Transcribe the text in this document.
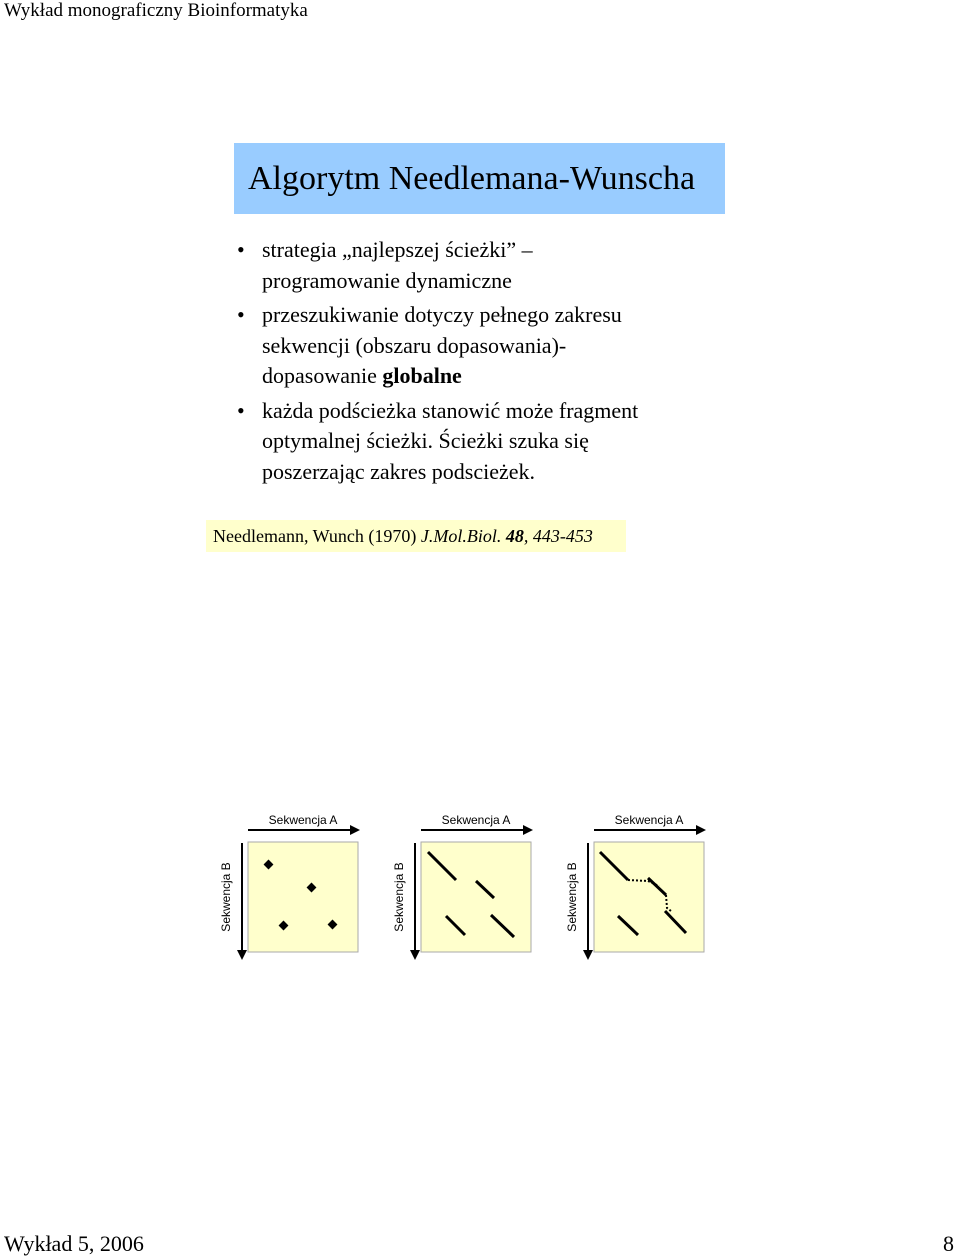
Wykład monograficzny Bioinformatyka
Algorytm Needlemana-Wunscha
• strategia „najlepszej ścieżki” –
programowanie dynamiczne
• przeszukiwanie dotyczy pełnego zakresu
sekwencji (obszaru dopasowania)-
dopasowanie globalne
• każda podścieżka stanowić może fragment
optymalnej ścieżki. Ścieżki szuka się
poszerzając zakres podscieżek.
Needlemann, Wunch (1970) J.Mol.Biol. 48, 443-453
Sekwencja A
Sekwencja B
Sekwencja A
Sekwencja B
Sekwencja A
Sekwencja B
Wykład 5, 2006	8
